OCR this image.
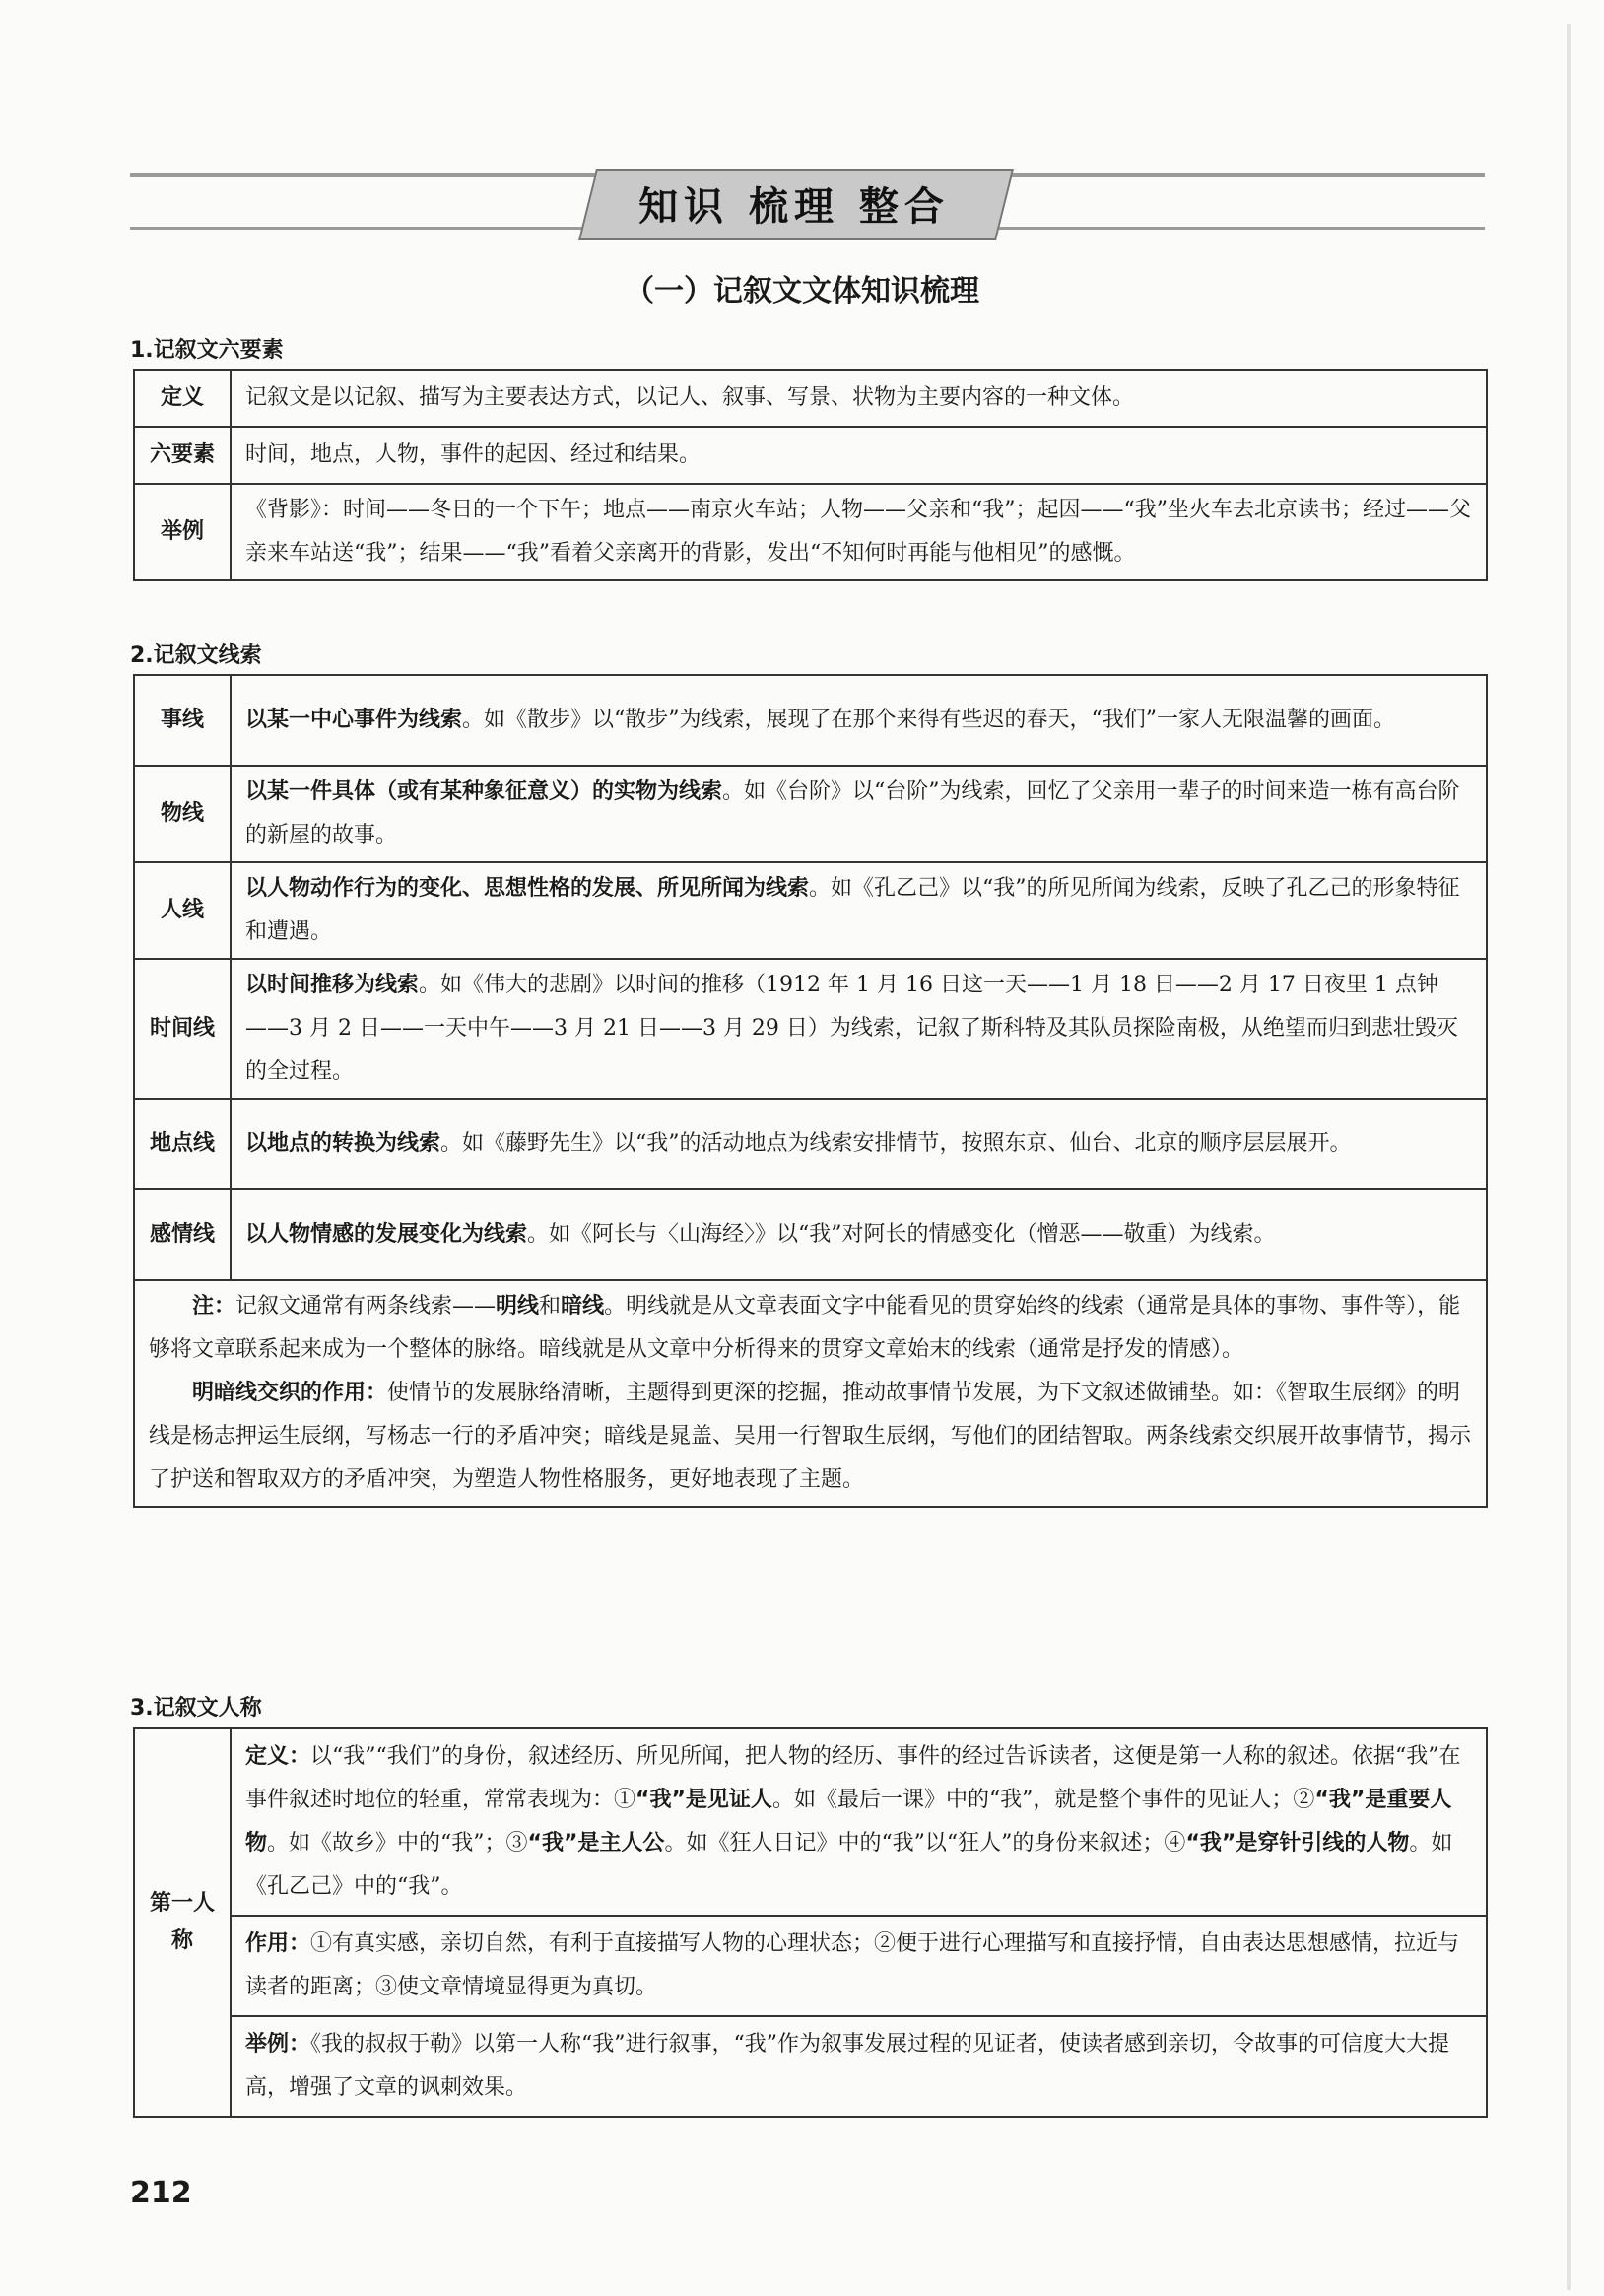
知识 梳理 整合
（一）记叙文文体知识梳理
1.记叙文六要素
定义	记叙文是以记叙、描写为主要表达方式，以记人、叙事、写景、状物为主要内容的一种文体。
六要素	时间，地点，人物，事件的起因、经过和结果。
举例	《背影》：时间——冬日的一个下午；地点——南京火车站；人物——父亲和“我”；起因——“我”坐火车去北京读书；经过——父亲来车站送“我”；结果——“我”看着父亲离开的背影，发出“不知何时再能与他相见”的感慨。
2.记叙文线索
事线	以某一中心事件为线索。如《散步》以“散步”为线索，展现了在那个来得有些迟的春天，“我们”一家人无限温馨的画面。
物线	以某一件具体（或有某种象征意义）的实物为线索。如《台阶》以“台阶”为线索，回忆了父亲用一辈子的时间来造一栋有高台阶的新屋的故事。
人线	以人物动作行为的变化、思想性格的发展、所见所闻为线索。如《孔乙己》以“我”的所见所闻为线索，反映了孔乙己的形象特征和遭遇。
时间线	以时间推移为线索。如《伟大的悲剧》以时间的推移（1912 年 1 月 16 日这一天——1 月 18 日——2 月 17 日夜里 1 点钟——3 月 2 日——一天中午——3 月 21 日——3 月 29 日）为线索，记叙了斯科特及其队员探险南极，从绝望而归到悲壮毁灭的全过程。
地点线	以地点的转换为线索。如《藤野先生》以“我”的活动地点为线索安排情节，按照东京、仙台、北京的顺序层层展开。
感情线	以人物情感的发展变化为线索。如《阿长与〈山海经〉》以“我”对阿长的情感变化（憎恶——敬重）为线索。

注：记叙文通常有两条线索——明线和暗线。明线就是从文章表面文字中能看见的贯穿始终的线索（通常是具体的事物、事件等），能够将文章联系起来成为一个整体的脉络。暗线就是从文章中分析得来的贯穿文章始末的线索（通常是抒发的情感）。

明暗线交织的作用：使情节的发展脉络清晰，主题得到更深的挖掘，推动故事情节发展，为下文叙述做铺垫。如：《智取生辰纲》的明线是杨志押运生辰纲，写杨志一行的矛盾冲突；暗线是晁盖、吴用一行智取生辰纲，写他们的团结智取。两条线索交织展开故事情节，揭示了护送和智取双方的矛盾冲突，为塑造人物性格服务，更好地表现了主题。	

3.记叙文人称
第一人称	
定义：以“我”“我们”的身份，叙述经历、所见所闻，把人物的经历、事件的经过告诉读者，这便是第一人称的叙述。依据“我”在事件叙述时地位的轻重，常常表现为：①“我”是见证人。如《最后一课》中的“我”，就是整个事件的见证人；②“我”是重要人物。如《故乡》中的“我”；③“我”是主人公。如《狂人日记》中的“我”以“狂人”的身份来叙述；④“我”是穿针引线的人物。如《孔乙己》中的“我”。
作用：①有真实感，亲切自然，有利于直接描写人物的心理状态；②便于进行心理描写和直接抒情，自由表达思想感情，拉近与读者的距离；③使文章情境显得更为真切。
举例：《我的叔叔于勒》以第一人称“我”进行叙事，“我”作为叙事发展过程的见证者，使读者感到亲切，令故事的可信度大大提高，增强了文章的讽刺效果。
212
